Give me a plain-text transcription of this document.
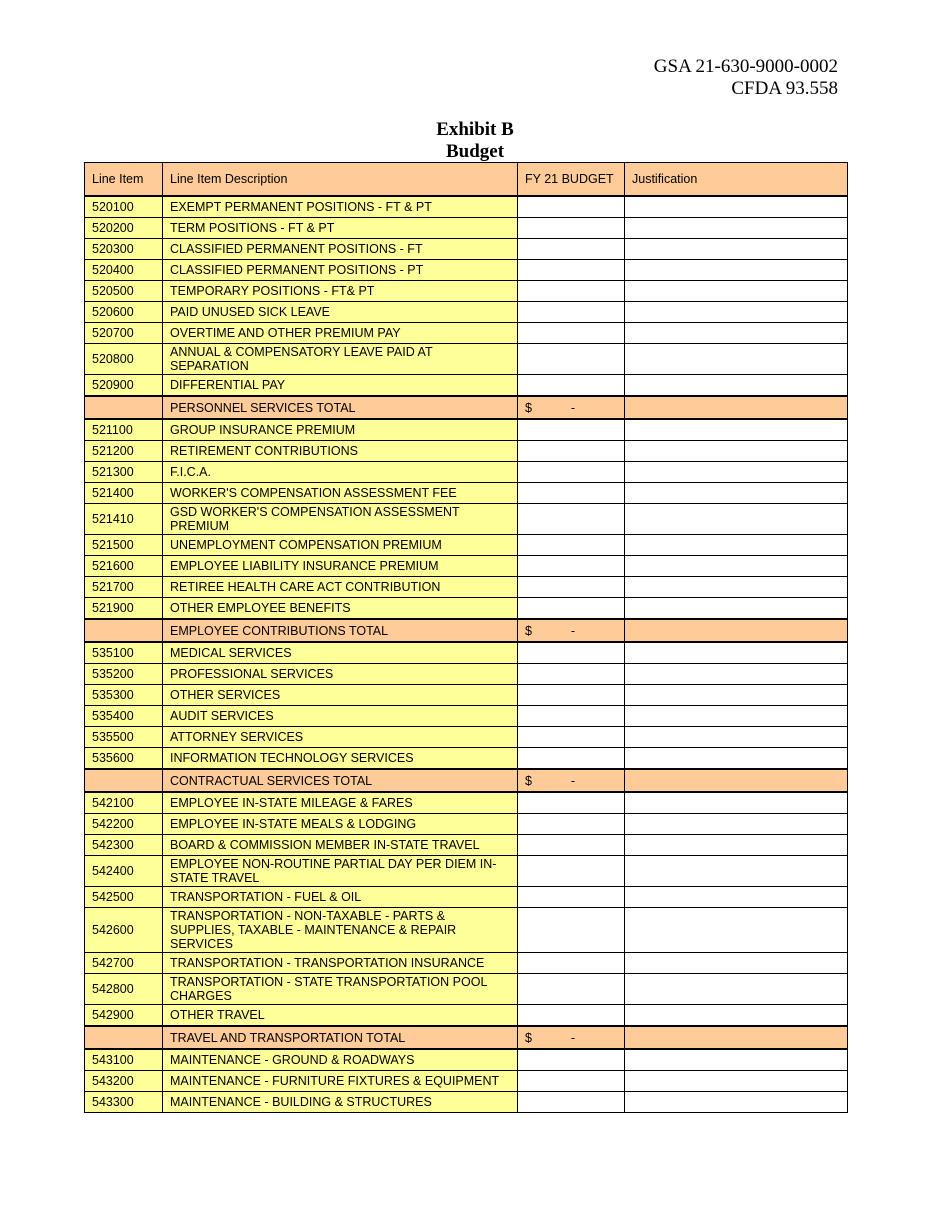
GSA 21-630-9000-0002
CFDA 93.558
Exhibit B
Budget
Line Item	Line Item Description	FY 21 BUDGET	Justification
520100	EXEMPT PERMANENT POSITIONS - FT & PT		
520200	TERM POSITIONS - FT & PT		
520300	CLASSIFIED PERMANENT POSITIONS - FT		
520400	CLASSIFIED PERMANENT POSITIONS - PT		
520500	TEMPORARY POSITIONS - FT& PT		
520600	PAID UNUSED SICK LEAVE		
520700	OVERTIME AND OTHER PREMIUM PAY		
520800	ANNUAL & COMPENSATORY LEAVE PAID AT SEPARATION		
520900	DIFFERENTIAL PAY		
	PERSONNEL SERVICES TOTAL	$ -	

521100	GROUP INSURANCE PREMIUM		
521200	RETIREMENT CONTRIBUTIONS		
521300	F.I.C.A.		
521400	WORKER'S COMPENSATION ASSESSMENT FEE		
521410	GSD WORKER'S COMPENSATION ASSESSMENT PREMIUM		
521500	UNEMPLOYMENT COMPENSATION PREMIUM		
521600	EMPLOYEE LIABILITY INSURANCE PREMIUM		
521700	RETIREE HEALTH CARE ACT CONTRIBUTION		
521900	OTHER EMPLOYEE BENEFITS		
	EMPLOYEE CONTRIBUTIONS TOTAL	$ -	

535100	MEDICAL SERVICES		
535200	PROFESSIONAL SERVICES		
535300	OTHER SERVICES		
535400	AUDIT SERVICES		
535500	ATTORNEY SERVICES		
535600	INFORMATION TECHNOLOGY SERVICES		
	CONTRACTUAL SERVICES TOTAL	$ -	

542100	EMPLOYEE IN-STATE MILEAGE & FARES		
542200	EMPLOYEE IN-STATE MEALS & LODGING		
542300	BOARD & COMMISSION MEMBER IN-STATE TRAVEL		
542400	EMPLOYEE NON-ROUTINE PARTIAL DAY PER DIEM IN-STATE TRAVEL		
542500	TRANSPORTATION - FUEL & OIL		
542600	TRANSPORTATION - NON-TAXABLE - PARTS & SUPPLIES, TAXABLE - MAINTENANCE & REPAIR SERVICES		
542700	TRANSPORTATION - TRANSPORTATION INSURANCE		
542800	TRANSPORTATION - STATE TRANSPORTATION POOL CHARGES		
542900	OTHER TRAVEL		
	TRAVEL AND TRANSPORTATION TOTAL	$ -	

543100	MAINTENANCE - GROUND & ROADWAYS		
543200	MAINTENANCE - FURNITURE FIXTURES & EQUIPMENT		
543300	MAINTENANCE - BUILDING & STRUCTURES		
